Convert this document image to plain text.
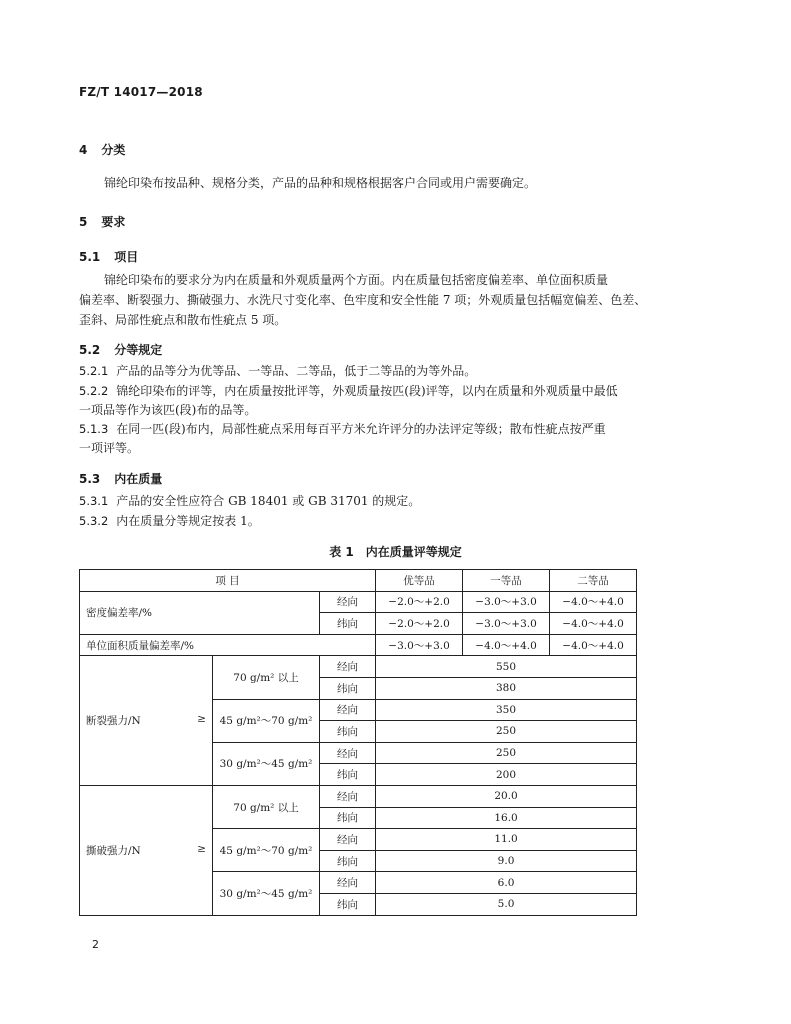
FZ/T 14017—2018
4 分类
锦纶印染布按品种、规格分类，产品的品种和规格根据客户合同或用户需要确定。
5 要求
5.1 项目
锦纶印染布的要求分为内在质量和外观质量两个方面。内在质量包括密度偏差率、单位面积质量
偏差率、断裂强力、撕破强力、水洗尺寸变化率、色牢度和安全性能 7 项；外观质量包括幅宽偏差、色差、
歪斜、局部性疵点和散布性疵点 5 项。
5.2 分等规定
5.2.1 产品的品等分为优等品、一等品、二等品，低于二等品的为等外品。
5.2.2 锦纶印染布的评等，内在质量按批评等，外观质量按匹(段)评等，以内在质量和外观质量中最低
一项品等作为该匹(段)布的品等。
5.1.3 在同一匹(段)布内，局部性疵点采用每百平方米允许评分的办法评定等级；散布性疵点按严重
一项评等。
5.3 内在质量
5.3.1 产品的安全性应符合 GB 18401 或 GB 31701 的规定。
5.3.2 内在质量分等规定按表 1。
表 1　内在质量评等规定
项 目			优等品	一等品	二等品
密度偏差率/%		经向	−2.0～+2.0	−3.0～+3.0	−4.0～+4.0
		纬向	−2.0～+2.0	−3.0～+3.0	−4.0～+4.0
单位面积质量偏差率/%			−3.0～+3.0	−4.0～+4.0	−4.0～+4.0
断裂强力/N ≥	70 g/m² 以上	经向	550		
		纬向	380		
	45 g/m²～70 g/m²	经向	350		
		纬向	250		
	30 g/m²～45 g/m²	经向	250		
		纬向	200		
撕破强力/N ≥	70 g/m² 以上	经向	20.0		
		纬向	16.0		
	45 g/m²～70 g/m²	经向	11.0		
		纬向	9.0		
	30 g/m²～45 g/m²	经向	6.0		
		纬向	5.0		
2
